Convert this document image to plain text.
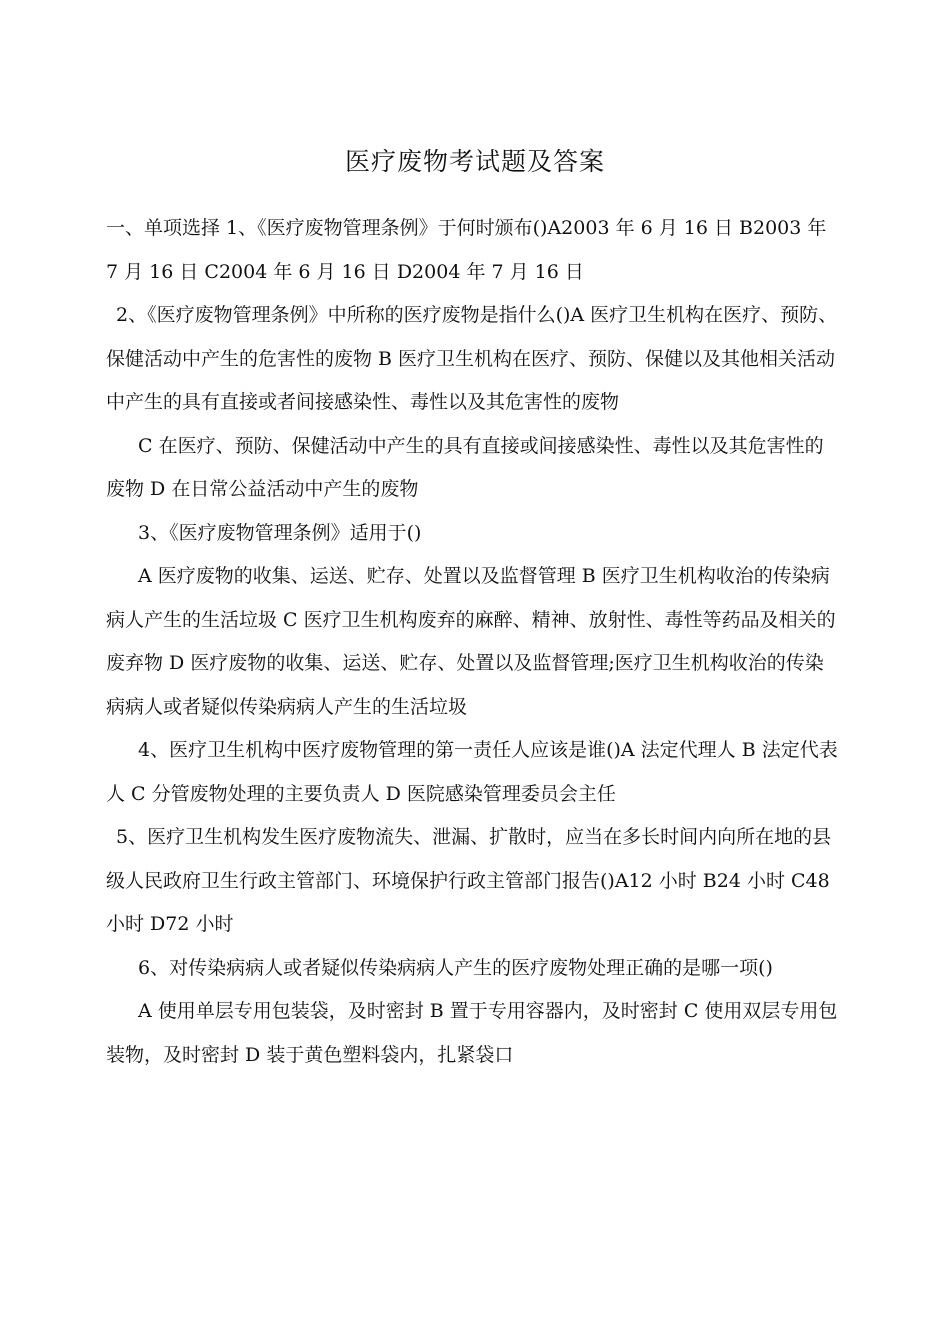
医疗废物考试题及答案

一、单项选择 1、《医疗废物管理条例》于何时颁布()A2003 年 6 月 16 日 B2003 年 7 月 16 日 C2004 年 6 月 16 日 D2004 年 7 月 16 日

2、《医疗废物管理条例》中所称的医疗废物是指什么()A 医疗卫生机构在医疗、预防、保健活动中产生的危害性的废物 B 医疗卫生机构在医疗、预防、保健以及其他相关活动中产生的具有直接或者间接感染性、毒性以及其危害性的废物

C 在医疗、预防、保健活动中产生的具有直接或间接感染性、毒性以及其危害性的废物 D 在日常公益活动中产生的废物

3、《医疗废物管理条例》适用于()

A 医疗废物的收集、运送、贮存、处置以及监督管理 B 医疗卫生机构收治的传染病病人产生的生活垃圾 C 医疗卫生机构废弃的麻醉、精神、放射性、毒性等药品及相关的废弃物 D 医疗废物的收集、运送、贮存、处置以及监督管理;医疗卫生机构收治的传染病病人或者疑似传染病病人产生的生活垃圾

4、医疗卫生机构中医疗废物管理的第一责任人应该是谁()A 法定代理人 B 法定代表人 C 分管废物处理的主要负责人 D 医院感染管理委员会主任

5、医疗卫生机构发生医疗废物流失、泄漏、扩散时，应当在多长时间内向所在地的县级人民政府卫生行政主管部门、环境保护行政主管部门报告()A12 小时 B24 小时 C48 小时 D72 小时

6、对传染病病人或者疑似传染病病人产生的医疗废物处理正确的是哪一项()

A 使用单层专用包装袋，及时密封 B 置于专用容器内，及时密封 C 使用双层专用包装物，及时密封 D 装于黄色塑料袋内，扎紧袋口
